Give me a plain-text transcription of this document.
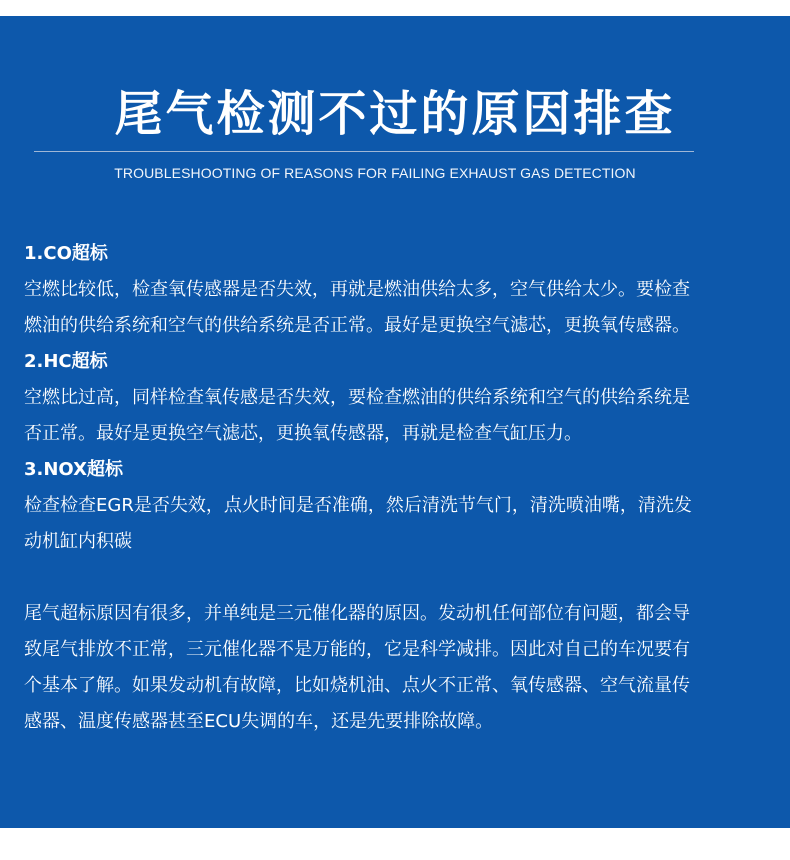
尾气检测不过的原因排查
TROUBLESHOOTING OF REASONS FOR FAILING EXHAUST GAS DETECTION
1.CO超标
空燃比较低，检查氧传感器是否失效，再就是燃油供给太多，空气供给太少。要检查
燃油的供给系统和空气的供给系统是否正常。最好是更换空气滤芯，更换氧传感器。
2.HC超标
空燃比过高，同样检查氧传感是否失效，要检查燃油的供给系统和空气的供给系统是
否正常。最好是更换空气滤芯，更换氧传感器，再就是检查气缸压力。
3.NOX超标
检查检查EGR是否失效，点火时间是否准确，然后清洗节气门，清洗喷油嘴，清洗发
动机缸内积碳
尾气超标原因有很多，并单纯是三元催化器的原因。发动机任何部位有问题，都会导
致尾气排放不正常，三元催化器不是万能的，它是科学减排。因此对自己的车况要有
个基本了解。如果发动机有故障，比如烧机油、点火不正常、氧传感器、空气流量传
感器、温度传感器甚至ECU失调的车，还是先要排除故障。
